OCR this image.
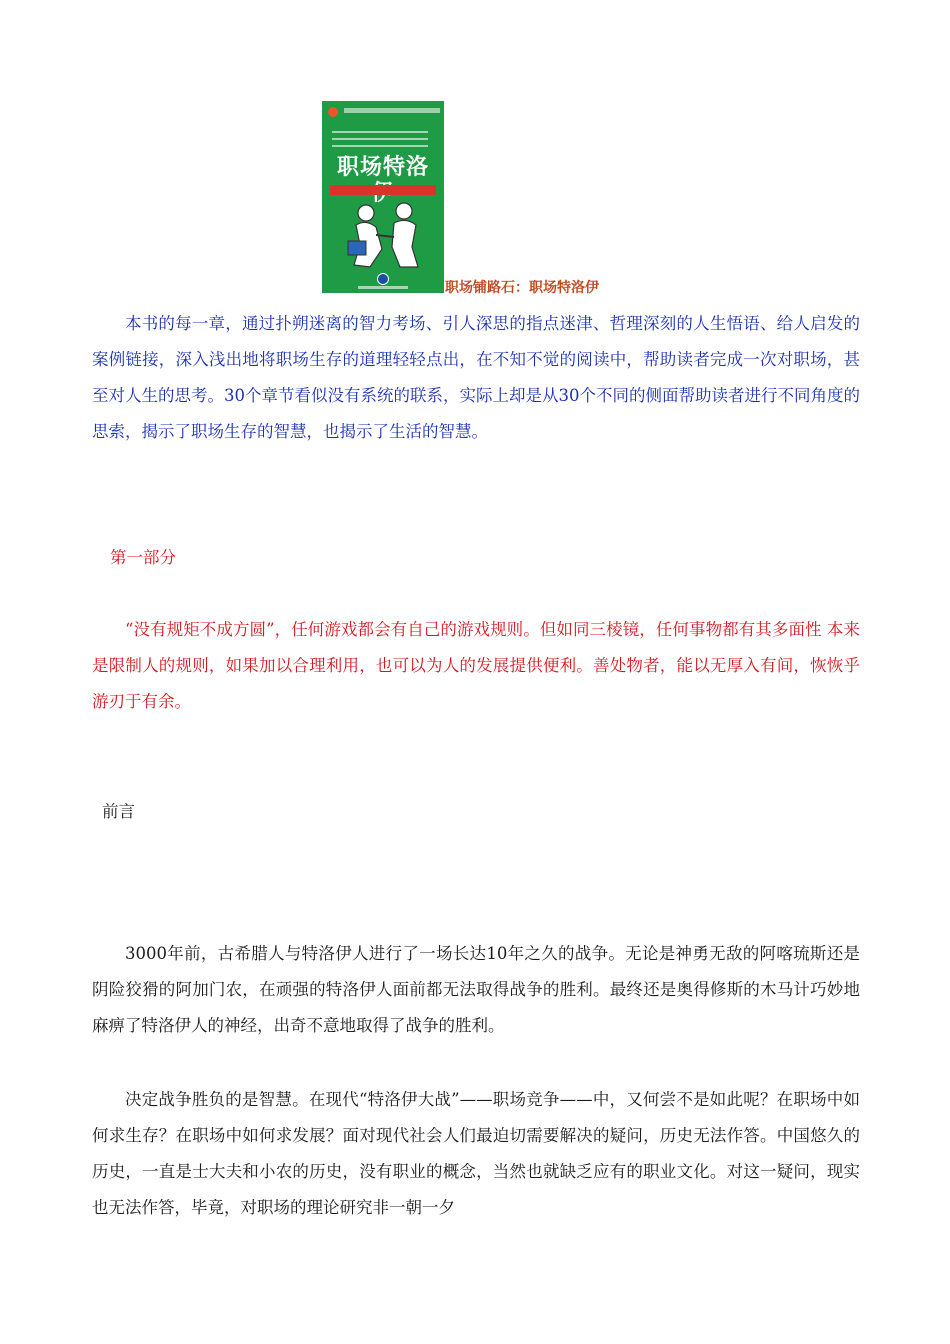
职场特洛
职场铺路石：职场特洛伊

本书的每一章，通过扑朔迷离的智力考场、引人深思的指点迷津、哲理深刻的人生悟语、给人启发的案例链接，深入浅出地将职场生存的道理轻轻点出，在不知不觉的阅读中，帮助读者完成一次对职场，甚至对人生的思考。30个章节看似没有系统的联系，实际上却是从30个不同的侧面帮助读者进行不同角度的思索，揭示了职场生存的智慧，也揭示了生活的智慧。

第一部分

“没有规矩不成方圆”，任何游戏都会有自己的游戏规则。但如同三棱镜，任何事物都有其多面性 本来是限制人的规则，如果加以合理利用，也可以为人的发展提供便利。善处物者，能以无厚入有间，恢恢乎游刃于有余。

前言

3000年前，古希腊人与特洛伊人进行了一场长达10年之久的战争。无论是神勇无敌的阿喀琉斯还是阴险狡猾的阿加门农，在顽强的特洛伊人面前都无法取得战争的胜利。最终还是奥得修斯的木马计巧妙地麻痹了特洛伊人的神经，出奇不意地取得了战争的胜利。

决定战争胜负的是智慧。在现代“特洛伊大战”——职场竞争——中，又何尝不是如此呢？在职场中如何求生存？在职场中如何求发展？面对现代社会人们最迫切需要解决的疑问，历史无法作答。中国悠久的历史，一直是士大夫和小农的历史，没有职业的概念，当然也就缺乏应有的职业文化。对这一疑问，现实也无法作答，毕竟，对职场的理论研究非一朝一夕
